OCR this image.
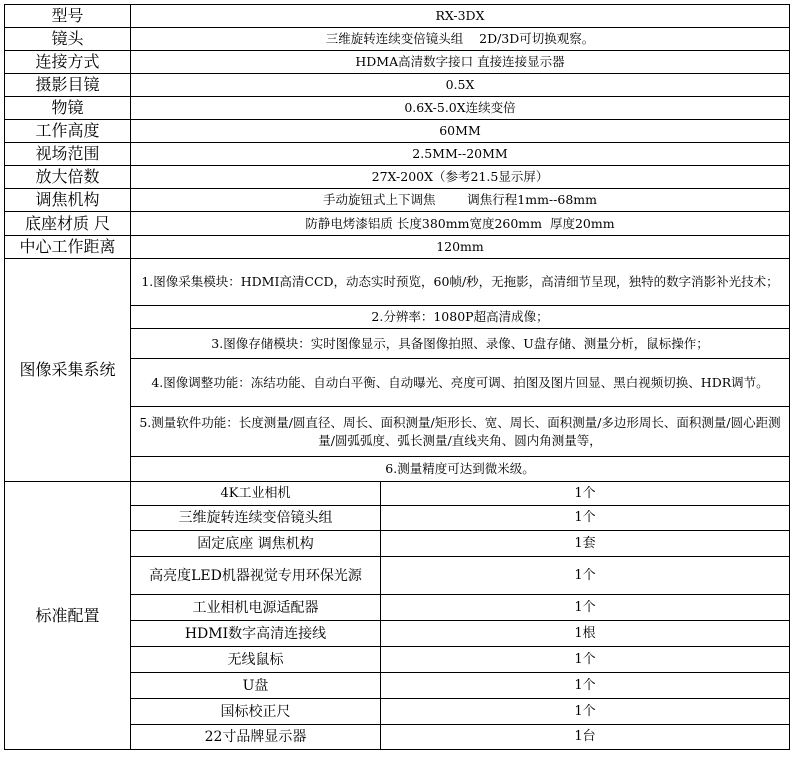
型号	RX-3DX	
镜头	三维旋转连续变倍镜头组    2D/3D可切换观察。	
连接方式	HDMA高清数字接口 直接连接显示器	
摄影目镜	0.5X	
物镜	0.6X-5.0X连续变倍	
工作高度	60MM	
视场范围	2.5MM--20MM	
放大倍数	27X-200X（参考21.5显示屏）	
调焦机构	手动旋钮式上下调焦        调焦行程1mm--68mm	
底座材质 尺	防静电烤漆铝质 长度380mm宽度260mm  厚度20mm	
中心工作距离	120mm	
图像采集系统	1.图像采集模块：HDMI高清CCD，动态实时预览，60帧/秒，无拖影，高清细节呈现，独特的数字消影补光技术；	
	2.分辨率：1080P超高清成像；	
	3.图像存储模块：实时图像显示，具备图像拍照、录像、U盘存储、测量分析，鼠标操作；	
	4.图像调整功能：冻结功能、自动白平衡、自动曝光、亮度可调、拍图及图片回显、黑白视频切换、HDR调节。	
	5.测量软件功能：长度测量/圆直径、周长、面积测量/矩形长、宽、周长、面积测量/多边形周长、面积测量/圆心距测量/圆弧弧度、弧长测量/直线夹角、圆内角测量等，	
	6.测量精度可达到微米级。	
标准配置	4K工业相机	1个
	三维旋转连续变倍镜头组	1个
	固定底座 调焦机构	1套
	高亮度LED机器视觉专用环保光源	1个
	工业相机电源适配器	1个
	HDMI数字高清连接线	1根
	无线鼠标	1个
	U盘	1个
	国标校正尺	1个
	22寸品牌显示器	1台
